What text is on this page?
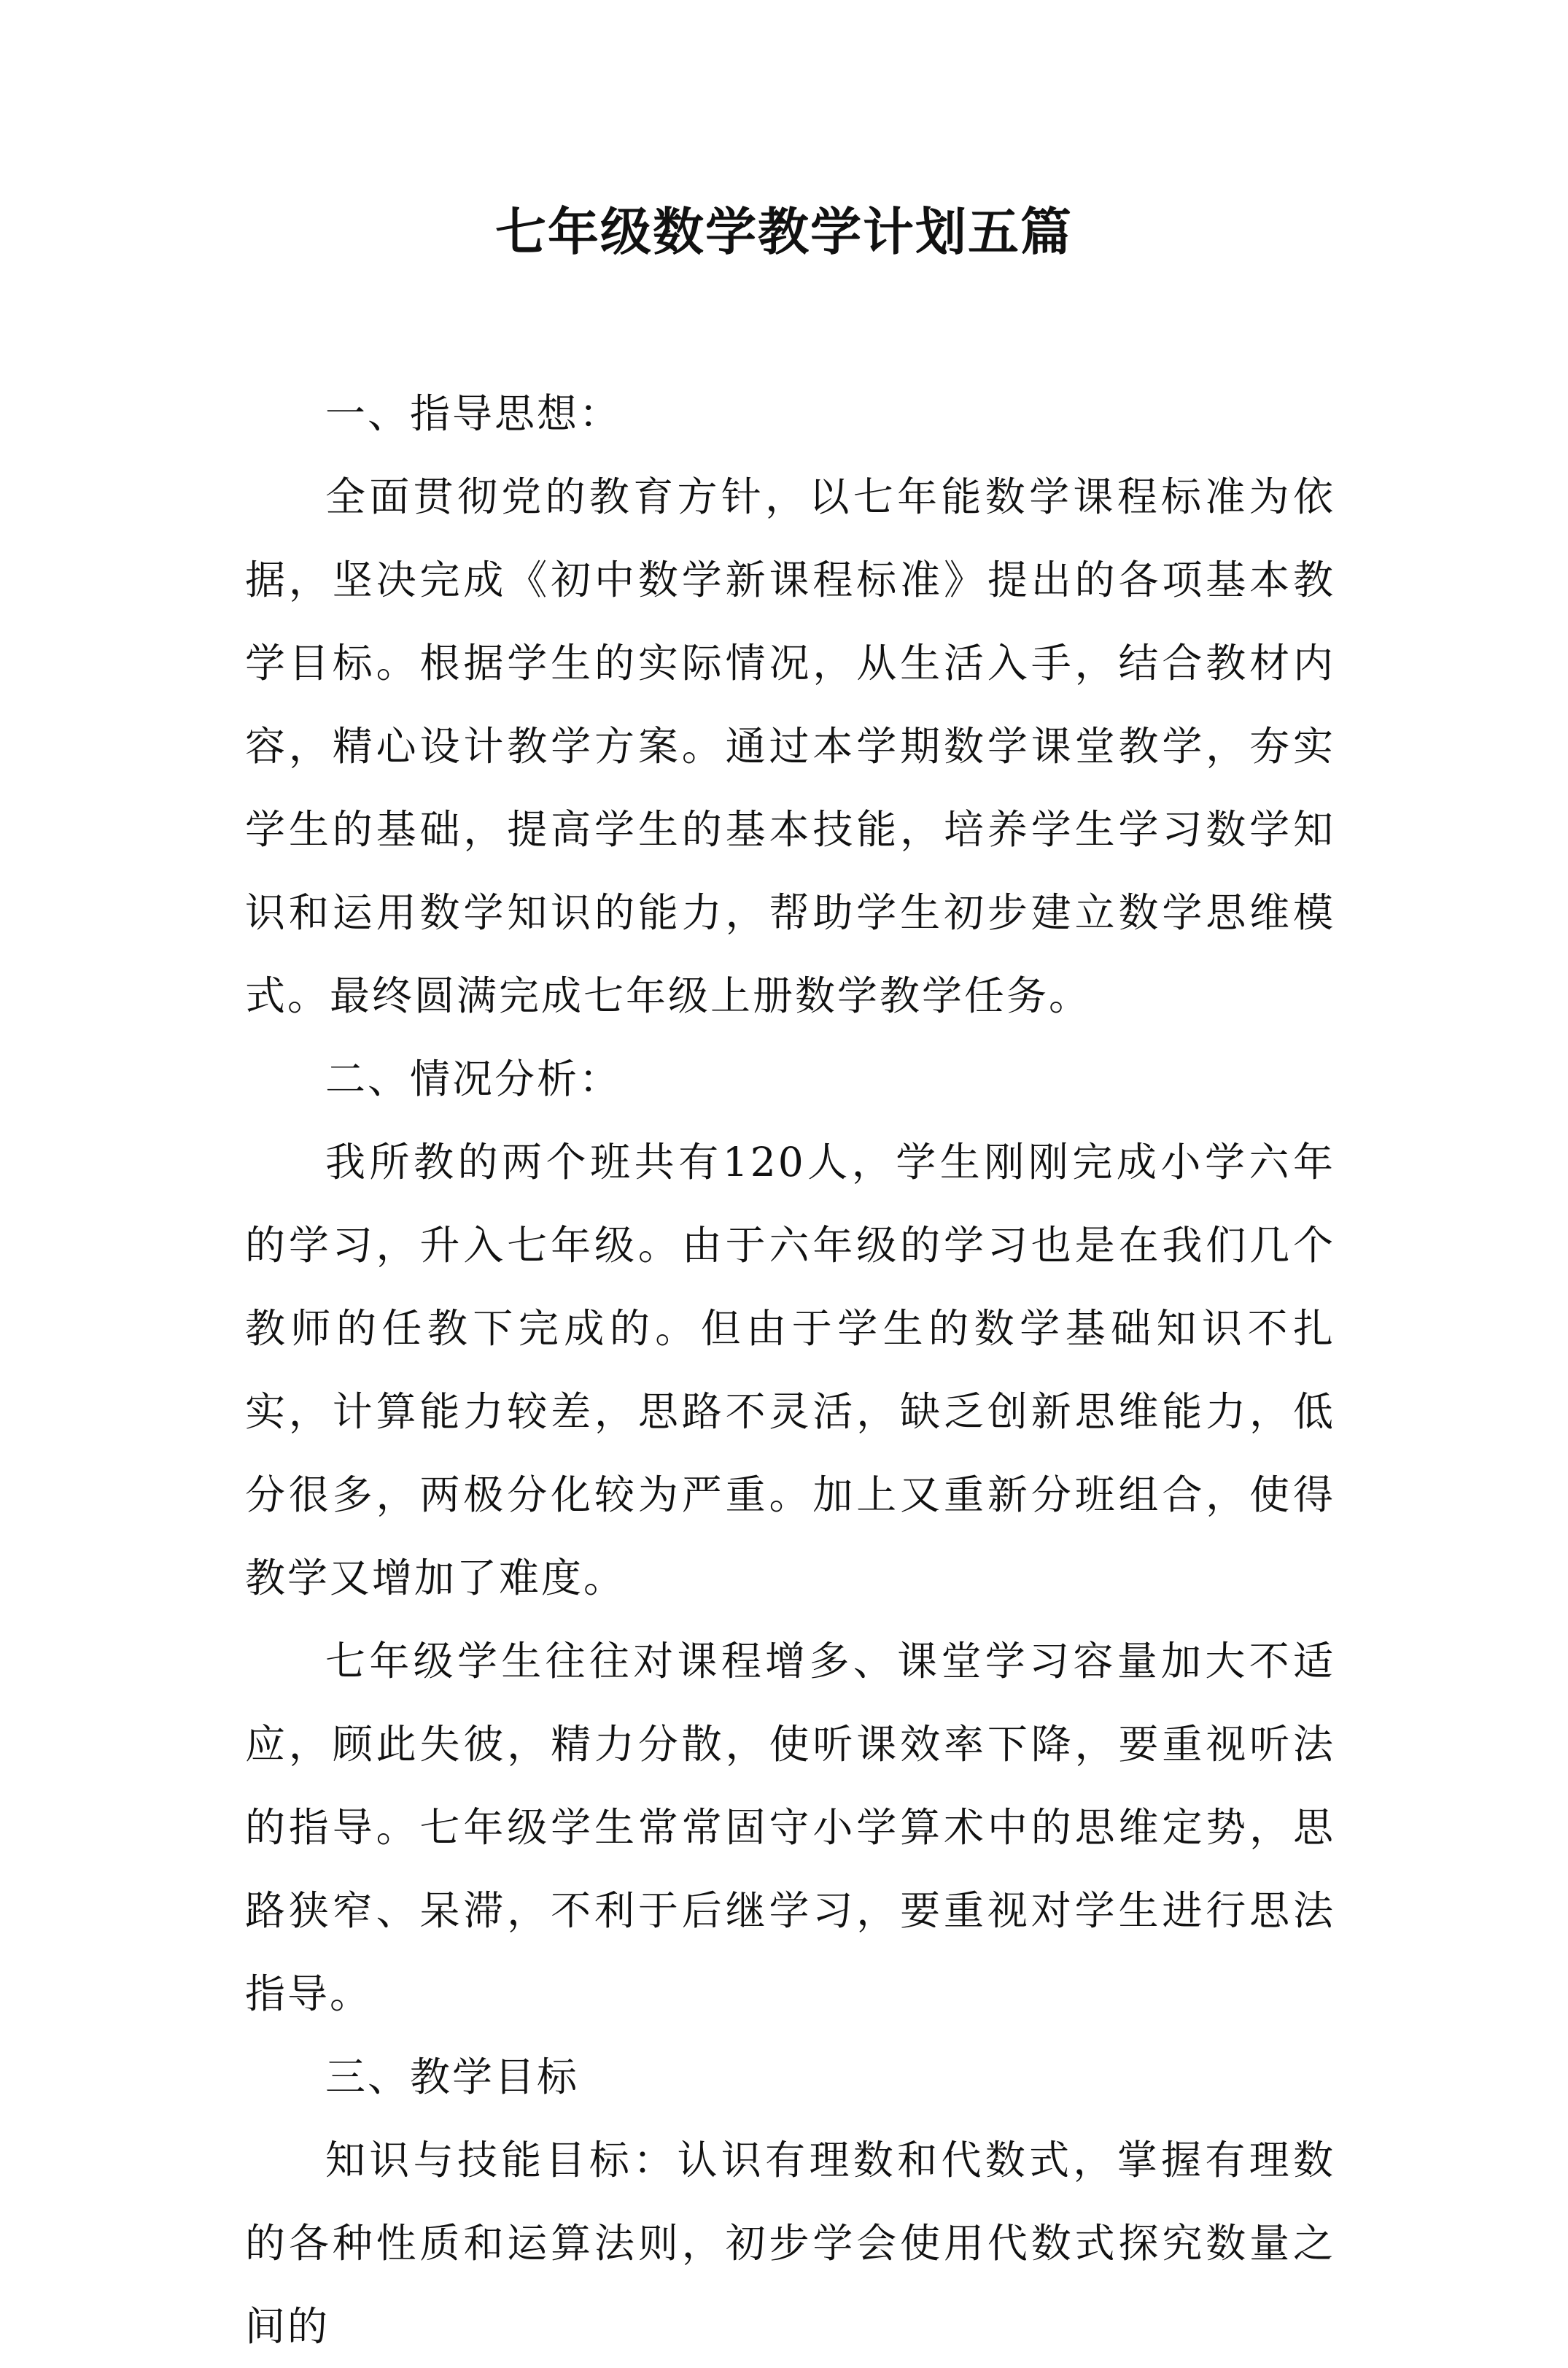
七年级数学教学计划五篇

一、指导思想：

全面贯彻党的教育方针，以七年能数学课程标准为依据，坚决完成《初中数学新课程标准》提出的各项基本教学目标。根据学生的实际情况，从生活入手，结合教材内容，精心设计教学方案。通过本学期数学课堂教学，夯实学生的基础，提高学生的基本技能，培养学生学习数学知识和运用数学知识的能力，帮助学生初步建立数学思维模式。最终圆满完成七年级上册数学教学任务。

二、情况分析：

我所教的两个班共有120人，学生刚刚完成小学六年的学习，升入七年级。由于六年级的学习也是在我们几个教师的任教下完成的。但由于学生的数学基础知识不扎实，计算能力较差，思路不灵活，缺乏创新思维能力，低分很多，两极分化较为严重。加上又重新分班组合，使得教学又增加了难度。

七年级学生往往对课程增多、课堂学习容量加大不适应，顾此失彼，精力分散，使听课效率下降，要重视听法的指导。七年级学生常常固守小学算术中的思维定势，思路狭窄、呆滞，不利于后继学习，要重视对学生进行思法指导。

三、教学目标

知识与技能目标：认识有理数和代数式，掌握有理数的各种性质和运算法则，初步学会使用代数式探究数量之间的
